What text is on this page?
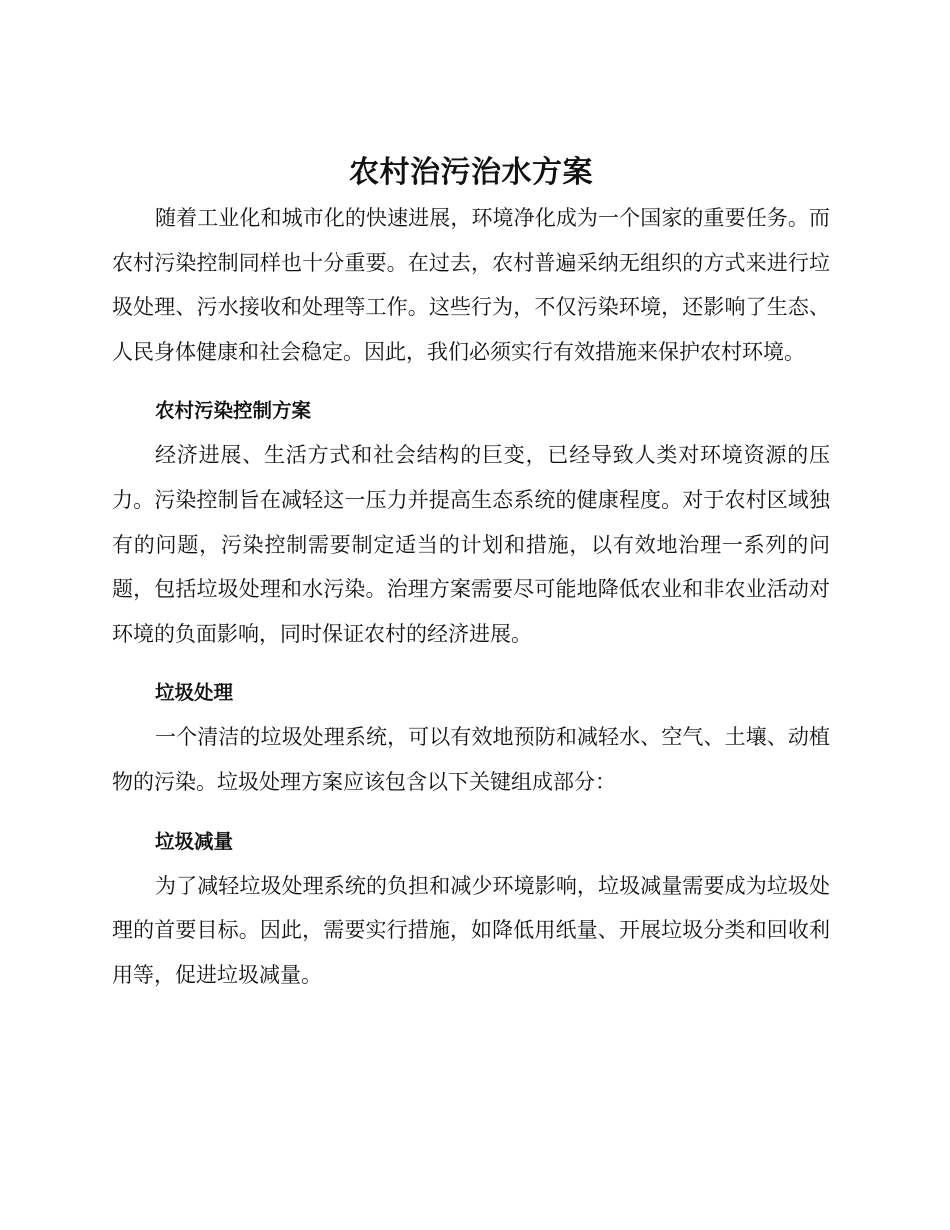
农村治污治水方案

随着工业化和城市化的快速进展，环境净化成为一个国家的重要任务。而农村污染控制同样也十分重要。在过去，农村普遍采纳无组织的方式来进行垃圾处理、污水接收和处理等工作。这些行为，不仅污染环境，还影响了生态、人民身体健康和社会稳定。因此，我们必须实行有效措施来保护农村环境。

农村污染控制方案

经济进展、生活方式和社会结构的巨变，已经导致人类对环境资源的压力。污染控制旨在减轻这一压力并提高生态系统的健康程度。对于农村区域独有的问题，污染控制需要制定适当的计划和措施，以有效地治理一系列的问题，包括垃圾处理和水污染。治理方案需要尽可能地降低农业和非农业活动对环境的负面影响，同时保证农村的经济进展。

垃圾处理

一个清洁的垃圾处理系统，可以有效地预防和减轻水、空气、土壤、动植物的污染。垃圾处理方案应该包含以下关键组成部分：

垃圾减量

为了减轻垃圾处理系统的负担和减少环境影响，垃圾减量需要成为垃圾处理的首要目标。因此，需要实行措施，如降低用纸量、开展垃圾分类和回收利用等，促进垃圾减量。
